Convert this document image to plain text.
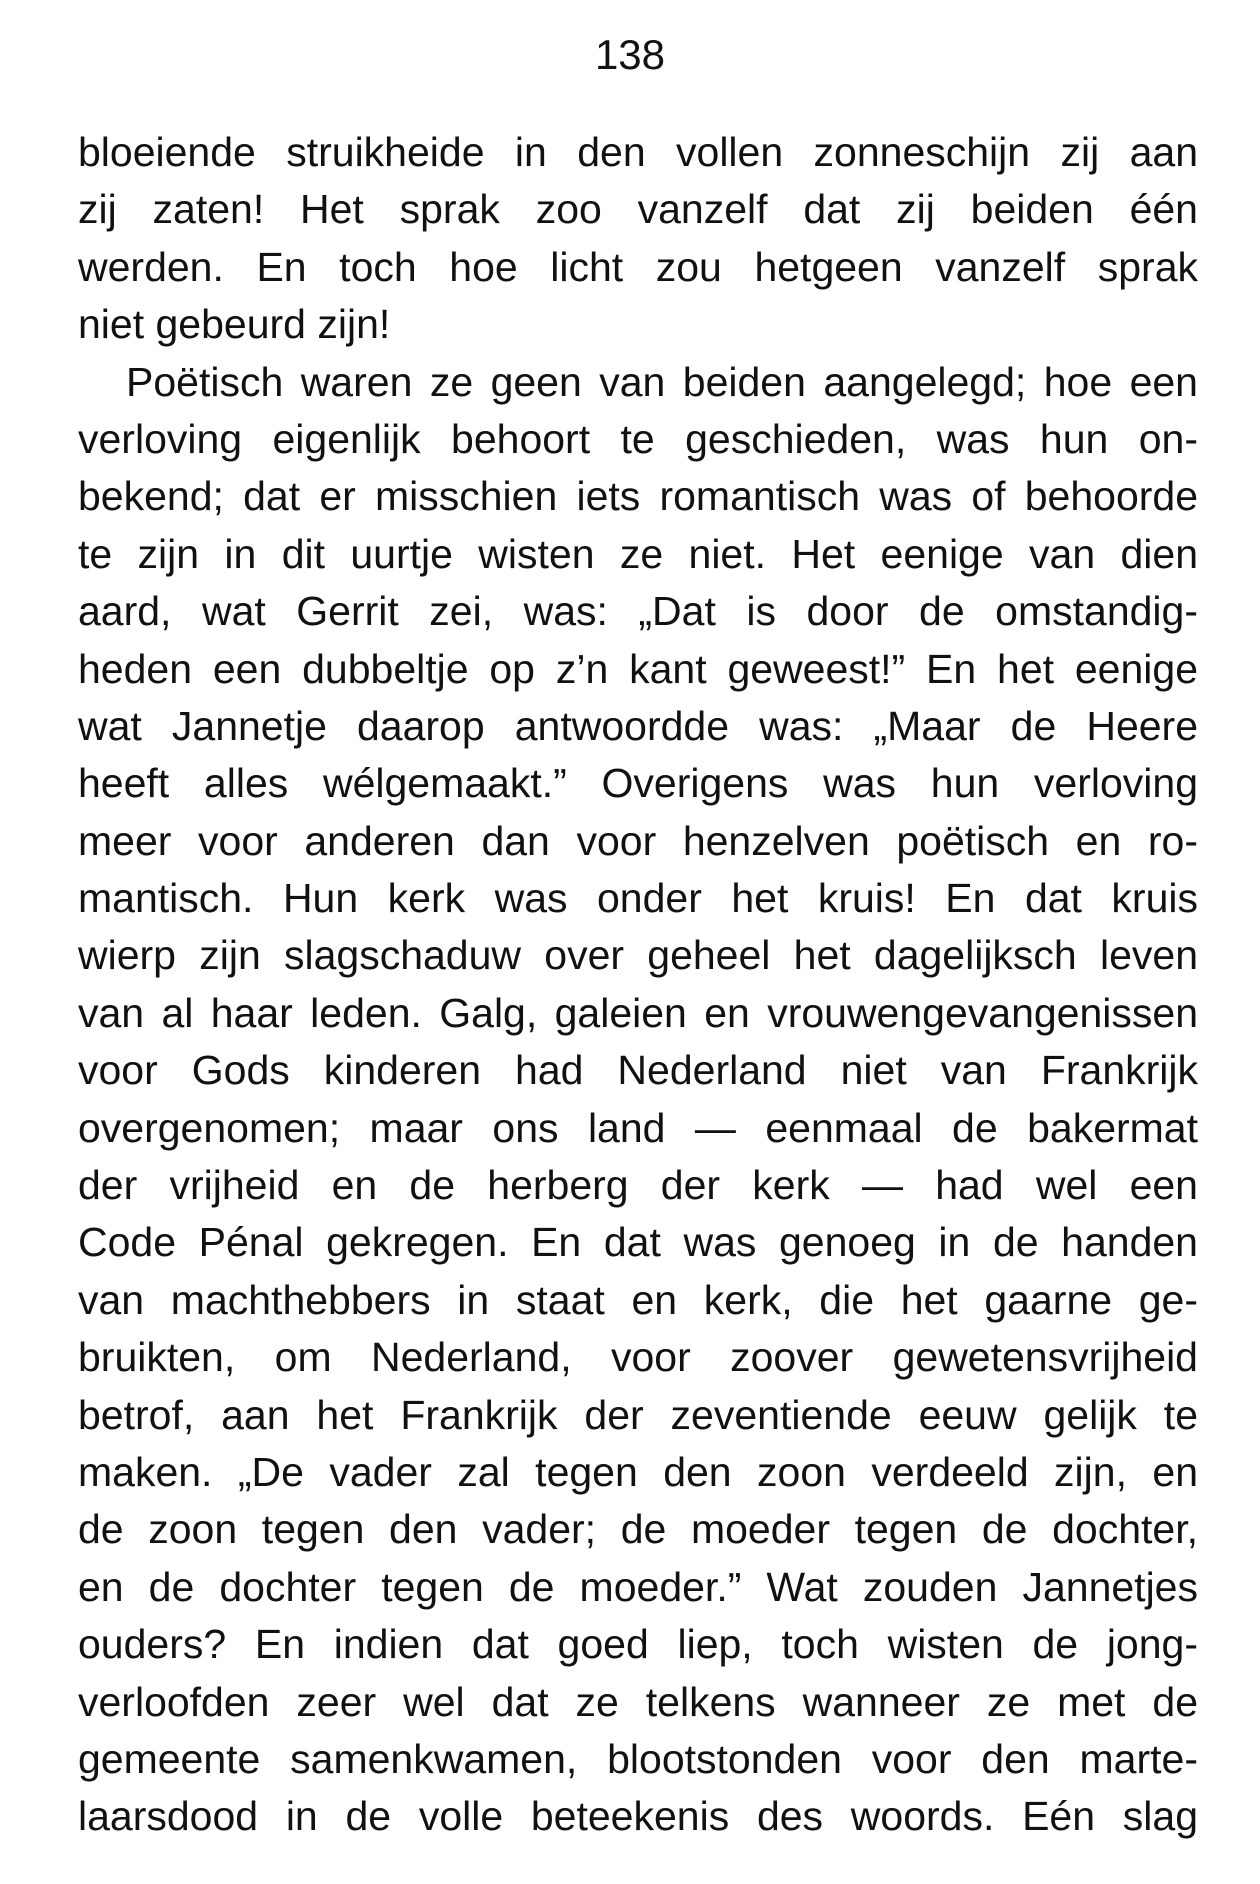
138
bloeiende struikheide in den vollen zonneschijn zij aan
zij zaten! Het sprak zoo vanzelf dat zij beiden één
werden. En toch hoe licht zou hetgeen vanzelf sprak
niet gebeurd zijn!
Poëtisch waren ze geen van beiden aangelegd; hoe een
verloving eigenlijk behoort te geschieden, was hun on-
bekend; dat er misschien iets romantisch was of behoorde
te zijn in dit uurtje wisten ze niet. Het eenige van dien
aard, wat Gerrit zei, was: „Dat is door de omstandig-
heden een dubbeltje op z’n kant geweest!” En het eenige
wat Jannetje daarop antwoordde was: „Maar de Heere
heeft alles wélgemaakt.” Overigens was hun verloving
meer voor anderen dan voor henzelven poëtisch en ro-
mantisch. Hun kerk was onder het kruis! En dat kruis
wierp zijn slagschaduw over geheel het dagelijksch leven
van al haar leden. Galg, galeien en vrouwengevangenissen
voor Gods kinderen had Nederland niet van Frankrijk
overgenomen; maar ons land — eenmaal de bakermat
der vrijheid en de herberg der kerk — had wel een
Code Pénal gekregen. En dat was genoeg in de handen
van machthebbers in staat en kerk, die het gaarne ge-
bruikten, om Nederland, voor zoover gewetensvrijheid
betrof, aan het Frankrijk der zeventiende eeuw gelijk te
maken. „De vader zal tegen den zoon verdeeld zijn, en
de zoon tegen den vader; de moeder tegen de dochter,
en de dochter tegen de moeder.” Wat zouden Jannetjes
ouders? En indien dat goed liep, toch wisten de jong-
verloofden zeer wel dat ze telkens wanneer ze met de
gemeente samenkwamen, blootstonden voor den marte-
laarsdood in de volle beteekenis des woords. Eén slag
